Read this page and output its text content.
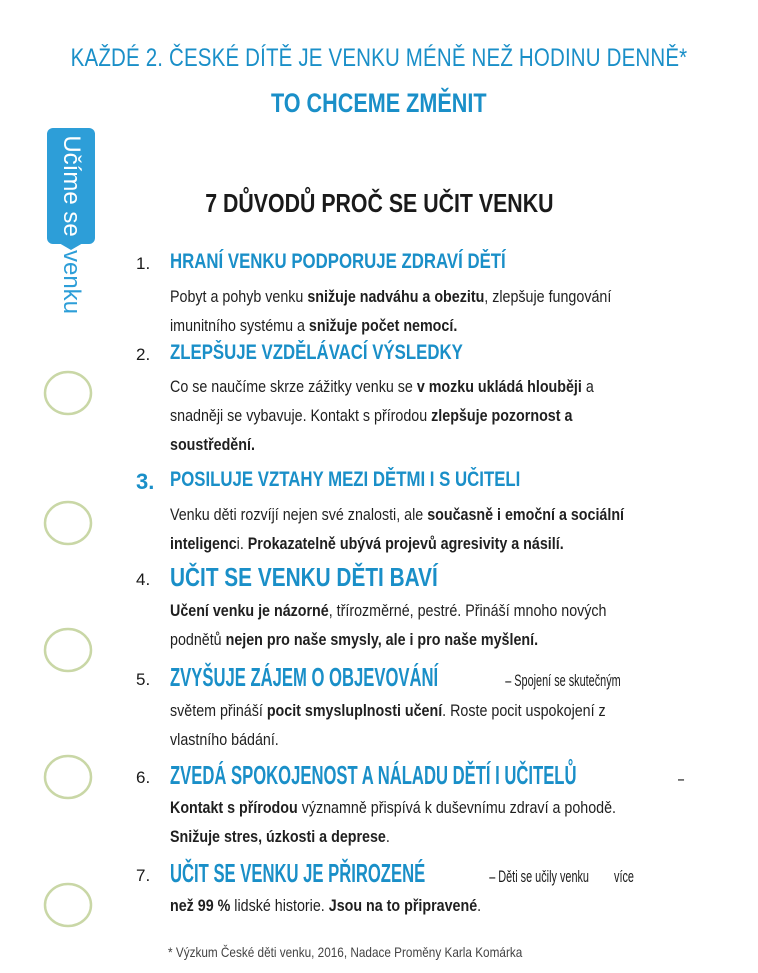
KAŽDÉ 2. ČESKÉ DÍTĚ JE VENKU MÉNĚ NEŽ HODINU DENNĚ*
TO CHCEME ZMĚNIT
Učíme se
venku
7 DŮVODŮ PROČ SE UČIT VENKU
1. HRANÍ VENKU PODPORUJE ZDRAVÍ DĚTÍ
Pobyt a pohyb venku snižuje nadváhu a obezitu, zlepšuje fungování
imunitního systému a snižuje počet nemocí.
2. ZLEPŠUJE VZDĚLÁVACÍ VÝSLEDKY
Co se naučíme skrze zážitky venku se v mozku ukládá hlouběji a
snadněji se vybavuje. Kontakt s přírodou zlepšuje pozornost a
soustředění.
3. POSILUJE VZTAHY MEZI DĚTMI I S UČITELI
Venku děti rozvíjí nejen své znalosti, ale současně i emoční a sociální
inteligenci. Prokazatelně ubývá projevů agresivity a násilí.
4. UČIT SE VENKU DĚTI BAVÍ
Učení venku je názorné, třírozměrné, pestré. Přináší mnoho nových
podnětů nejen pro naše smysly, ale i pro naše myšlení.
5. ZVYŠUJE ZÁJEM O OBJEVOVÁNÍ	– Spojení se skutečným
světem přináší pocit smysluplnosti učení. Roste pocit uspokojení z
vlastního bádání.
6. ZVEDÁ SPOKOJENOST A NÁLADU DĚTÍ I UČITELŮ	–
Kontakt s přírodou významně přispívá k duševnímu zdraví a pohodě.
Snižuje stres, úzkosti a deprese.
7. UČIT SE VENKU JE PŘIROZENÉ	– Děti se učily venkuvíce
než 99 % lidské historie. Jsou na to připravené.
* Výzkum České děti venku, 2016, Nadace Proměny Karla Komárka
